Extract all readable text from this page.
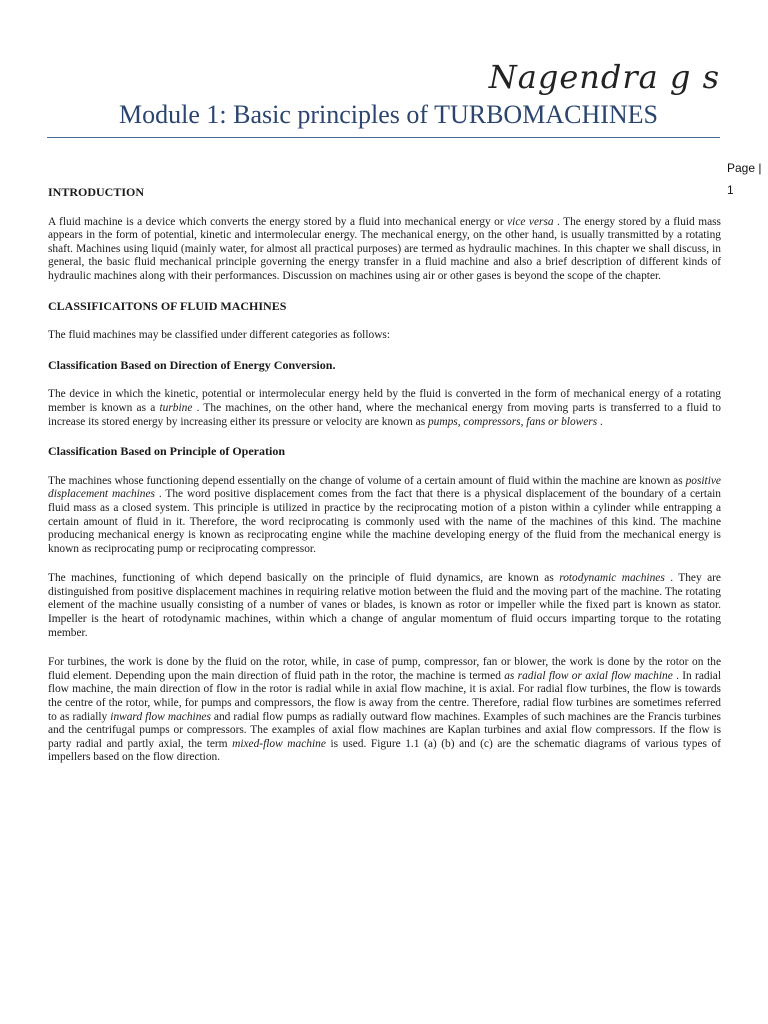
Nagendra g s
Module 1: Basic principles of TURBOMACHINES
Page |
1

INTRODUCTION

A fluid machine is a device which converts the energy stored by a fluid into mechanical energy or vice versa . The energy stored by a fluid mass appears in the form of potential, kinetic and intermolecular energy. The mechanical energy, on the other hand, is usually transmitted by a rotating shaft. Machines using liquid (mainly water, for almost all practical purposes) are termed as hydraulic machines. In this chapter we shall discuss, in general, the basic fluid mechanical principle governing the energy transfer in a fluid machine and also a brief description of different kinds of hydraulic machines along with their performances. Discussion on machines using air or other gases is beyond the scope of the chapter.

CLASSIFICAITONS OF FLUID MACHINES

The fluid machines may be classified under different categories as follows:

Classification Based on Direction of Energy Conversion.

The device in which the kinetic, potential or intermolecular energy held by the fluid is converted in the form of mechanical energy of a rotating member is known as a turbine . The machines, on the other hand, where the mechanical energy from moving parts is transferred to a fluid to increase its stored energy by increasing either its pressure or velocity are known as pumps, compressors, fans or blowers .

Classification Based on Principle of Operation

The machines whose functioning depend essentially on the change of volume of a certain amount of fluid within the machine are known as positive displacement machines . The word positive displacement comes from the fact that there is a physical displacement of the boundary of a certain fluid mass as a closed system. This principle is utilized in practice by the reciprocating motion of a piston within a cylinder while entrapping a certain amount of fluid in it. Therefore, the word reciprocating is commonly used with the name of the machines of this kind. The machine producing mechanical energy is known as reciprocating engine while the machine developing energy of the fluid from the mechanical energy is known as reciprocating pump or reciprocating compressor.

The machines, functioning of which depend basically on the principle of fluid dynamics, are known as rotodynamic machines . They are distinguished from positive displacement machines in requiring relative motion between the fluid and the moving part of the machine. The rotating element of the machine usually consisting of a number of vanes or blades, is known as rotor or impeller while the fixed part is known as stator. Impeller is the heart of rotodynamic machines, within which a change of angular momentum of fluid occurs imparting torque to the rotating member.

For turbines, the work is done by the fluid on the rotor, while, in case of pump, compressor, fan or blower, the work is done by the rotor on the fluid element. Depending upon the main direction of fluid path in the rotor, the machine is termed as radial flow or axial flow machine . In radial flow machine, the main direction of flow in the rotor is radial while in axial flow machine, it is axial. For radial flow turbines, the flow is towards the centre of the rotor, while, for pumps and compressors, the flow is away from the centre. Therefore, radial flow turbines are sometimes referred to as radially inward flow machines and radial flow pumps as radially outward flow machines. Examples of such machines are the Francis turbines and the centrifugal pumps or compressors. The examples of axial flow machines are Kaplan turbines and axial flow compressors. If the flow is party radial and partly axial, the term mixed-flow machine is used. Figure 1.1 (a) (b) and (c) are the schematic diagrams of various types of impellers based on the flow direction.
